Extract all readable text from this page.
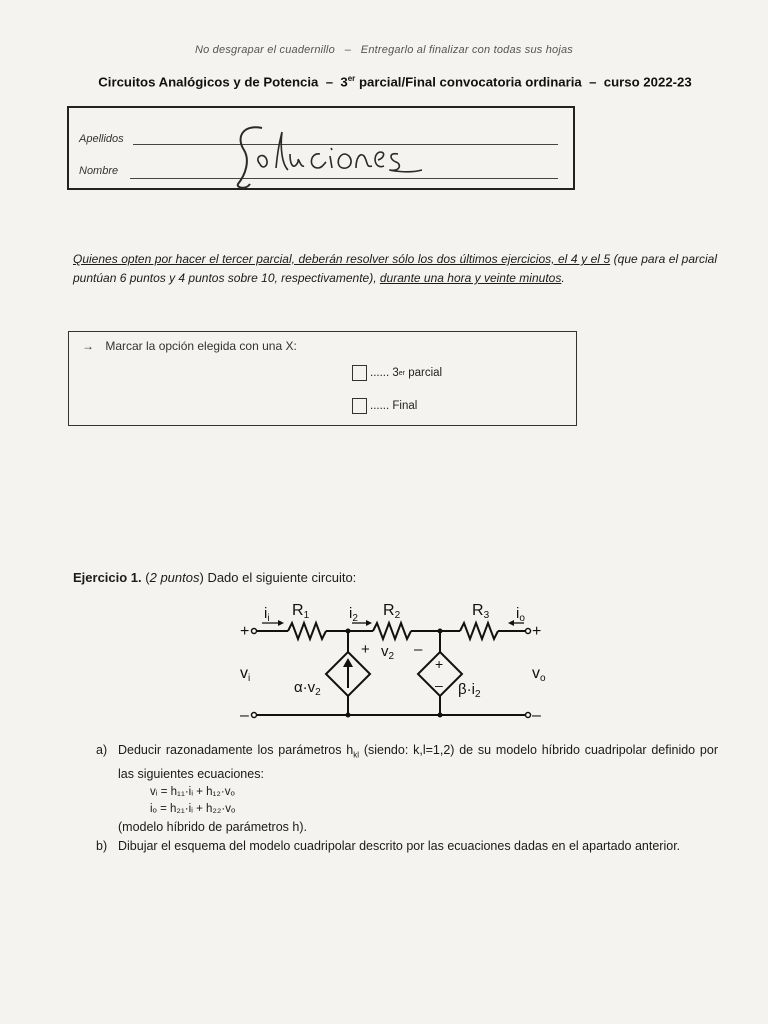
No desgrapar el cuadernillo – Entregarlo al finalizar con todas sus hojas
Circuitos Analógicos y de Potencia – 3er parcial/Final convocatoria ordinaria – curso 2022-23
Apellidos
Nombre
Quienes opten por hacer el tercer parcial, deberán resolver sólo los dos últimos ejercicios, el 4 y el 5 (que para el parcial puntúan 6 puntos y 4 puntos sobre 10, respectivamente), durante una hora y veinte minutos.
→ Marcar la opción elegida con una X:
......
3 er
parcial
......
Final
Ejercicio 1. (2 puntos) Dado el siguiente circuito:
$i_i$ R1	$i_2$ R2	R3 $i_o$
+	+
–	–
vi	vo
+ $v_2$ –
+
–
$\alpha\cdot v_2$	$\beta\cdot i_2$
a) Deducir razonadamente los parámetros $h_{kl}$ (siendo: k,l=1,2) de su modelo híbrido cuadripolar definido por las siguientes ecuaciones:
vᵢ = h₁₁·iᵢ + h₁₂·vₒ
iₒ = h₂₁·iᵢ + h₂₂·vₒ
(modelo híbrido de parámetros h).
b) Dibujar el esquema del modelo cuadripolar descrito por las ecuaciones dadas en el apartado anterior.
